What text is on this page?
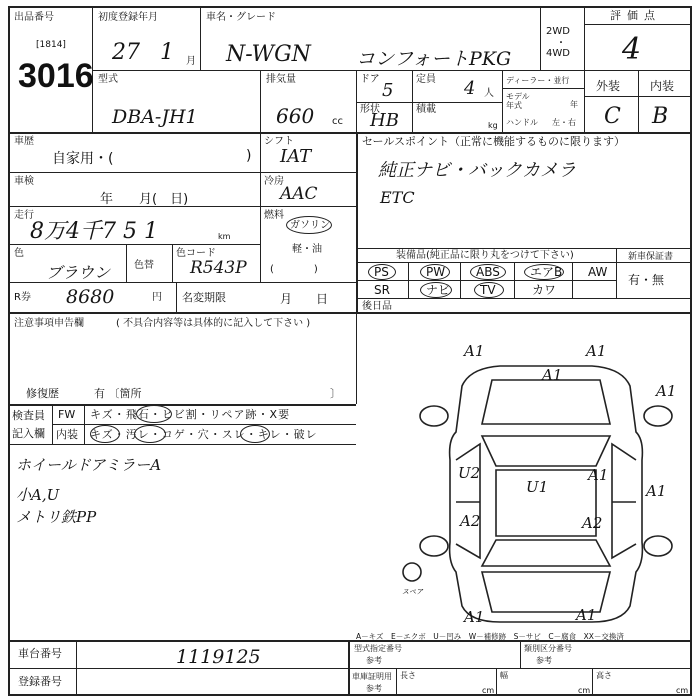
出品番号
[1814]
3016
初度登録年月
27 1 月
車名・グレード
N-WGN コンフォートPKG
2WD
・
4WD
評価点
4
型式
DBA-JH1
排気量
660 cc
ドア
5
定員 4 人
形状
HB
積載
kg
ディーラー・並行
モデル
年式	年
ハンドル 左・右
外装 内装
C B
車歴
自家用・(	)
車検
年　　月(　日)
走行
8万4千7 5 1	km
色
ブラウン 色替
色コード
R543P
R券 8680	円 名変期限	月　　日
シフト
IAT
冷房
AAC
燃料
ガソリン
軽・油
(　　　　)
セールスポイント（正常に機能するものに限ります）
純正ナビ・バックカメラ
ETC
装備品(純正品に限り丸をつけて下さい)	新車保証書
PS	PW	ABS	エアB AW
SR	ナビ TV	カワ
有・無
後日品
注意事項申告欄	( 不具合内容等は具体的に記入して下さい )
修復歴	有 〔箇所	〕
検査員
記入欄
FW キズ・飛石・ヒビ割・リペア跡・X要
内装 キズ・汚レ・コゲ・穴・スレ・キレ・破レ
ホイールドアミラーA
小A,U
メトリ鉄PP
A1	A1
A1
A1
A1
A1
A1
U2
U1
A2	A2
A1
スペア
A－キズ　E－エクボ　U－凹み　W－補修跡　S－サビ　C－腐食　XX－交換済
車台番号	1119125
登録番号
型式指定番号
参考
類別区分番号
参考
車庫証明用
参考
長さ
cm
幅
cm
高さ
cm
